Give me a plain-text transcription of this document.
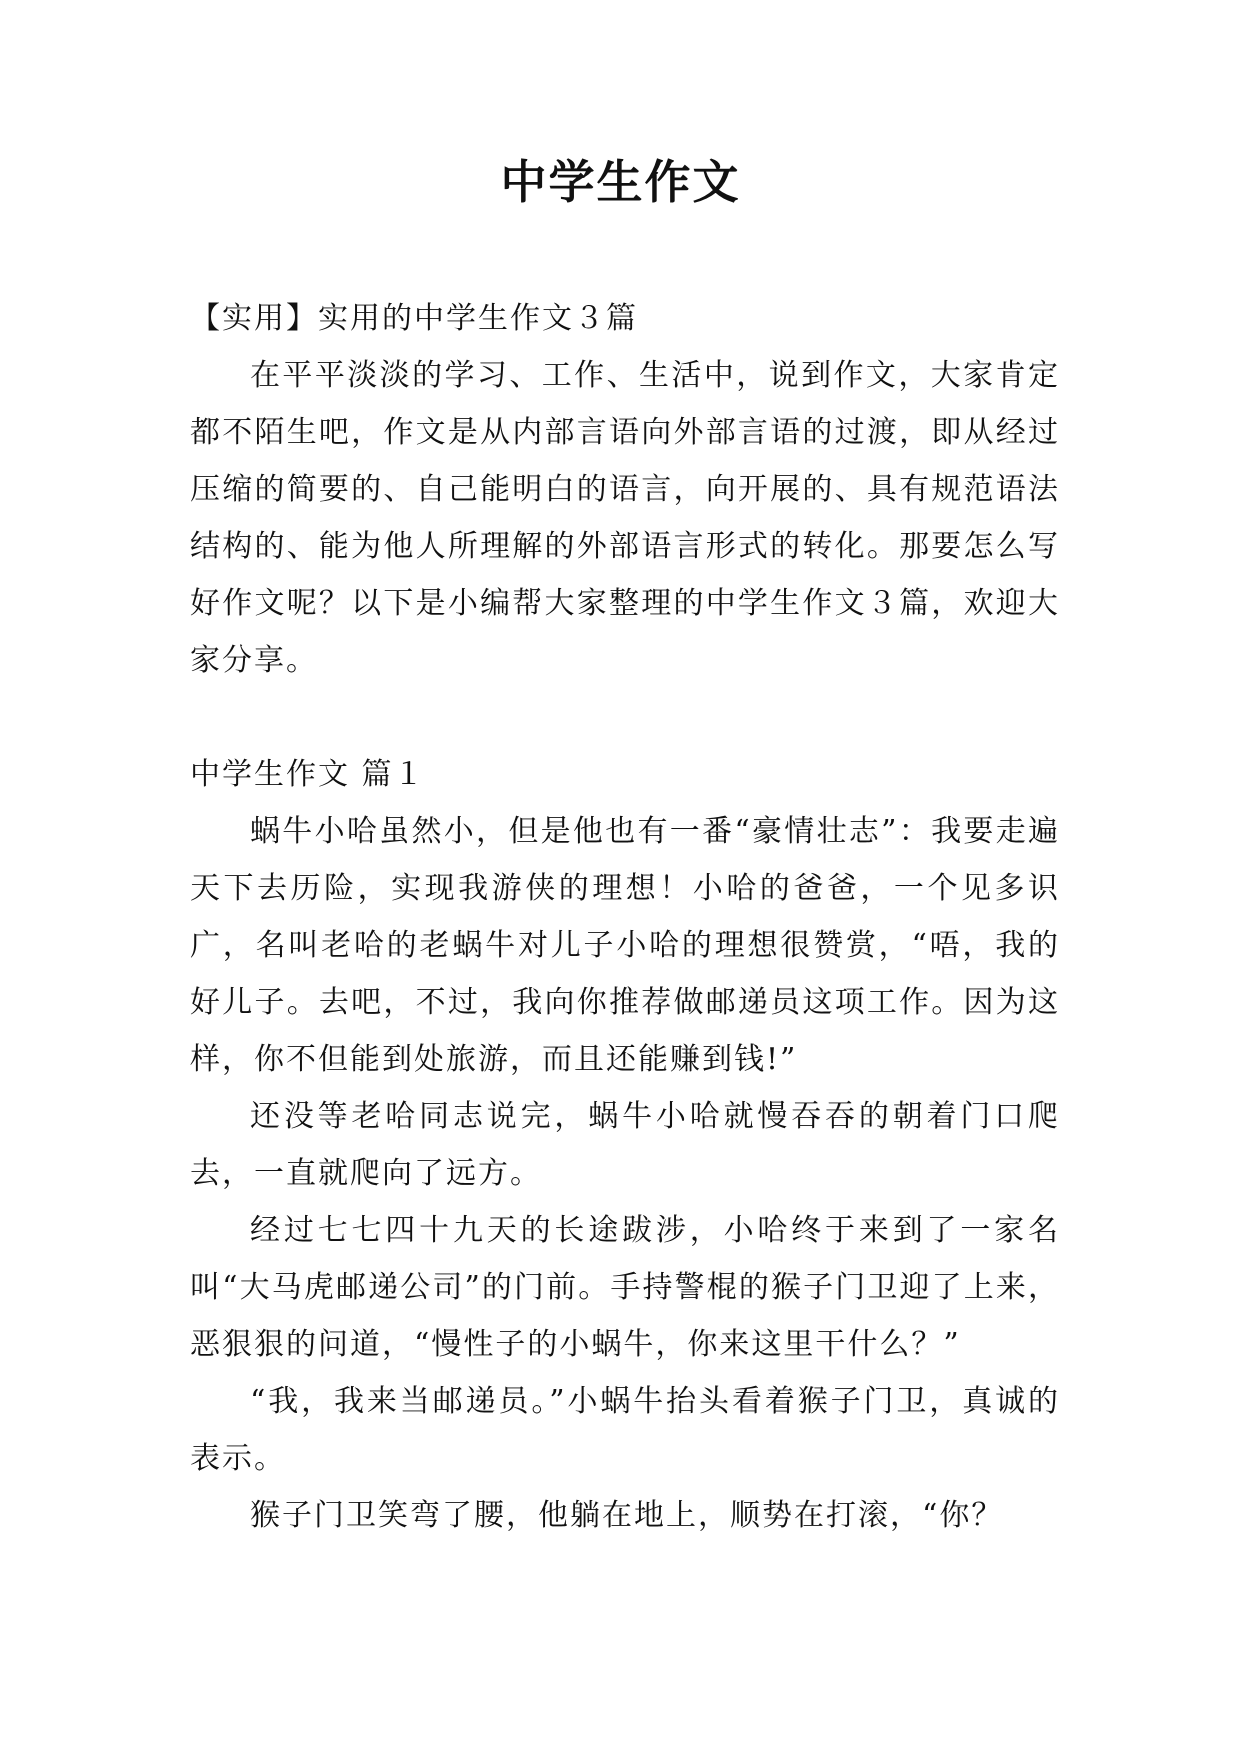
中学生作文

【实用】实用的中学生作文３篇

在平平淡淡的学习、工作、生活中，说到作文，大家肯定都不陌生吧，作文是从内部言语向外部言语的过渡，即从经过压缩的简要的、自己能明白的语言，向开展的、具有规范语法结构的、能为他人所理解的外部语言形式的转化。那要怎么写好作文呢？以下是小编帮大家整理的中学生作文３篇，欢迎大家分享。

中学生作文 篇１

蜗牛小哈虽然小，但是他也有一番“豪情壮志”：我要走遍天下去历险，实现我游侠的理想！小哈的爸爸，一个见多识广，名叫老哈的老蜗牛对儿子小哈的理想很赞赏，“唔，我的好儿子。去吧，不过，我向你推荐做邮递员这项工作。因为这样，你不但能到处旅游，而且还能赚到钱!”

还没等老哈同志说完，蜗牛小哈就慢吞吞的朝着门口爬去，一直就爬向了远方。

经过七七四十九天的长途跋涉，小哈终于来到了一家名叫“大马虎邮递公司”的门前。手持警棍的猴子门卫迎了上来，恶狠狠的问道，“慢性子的小蜗牛，你来这里干什么？”

“我，我来当邮递员。”小蜗牛抬头看着猴子门卫，真诚的表示。

猴子门卫笑弯了腰，他躺在地上，顺势在打滚，“你？
